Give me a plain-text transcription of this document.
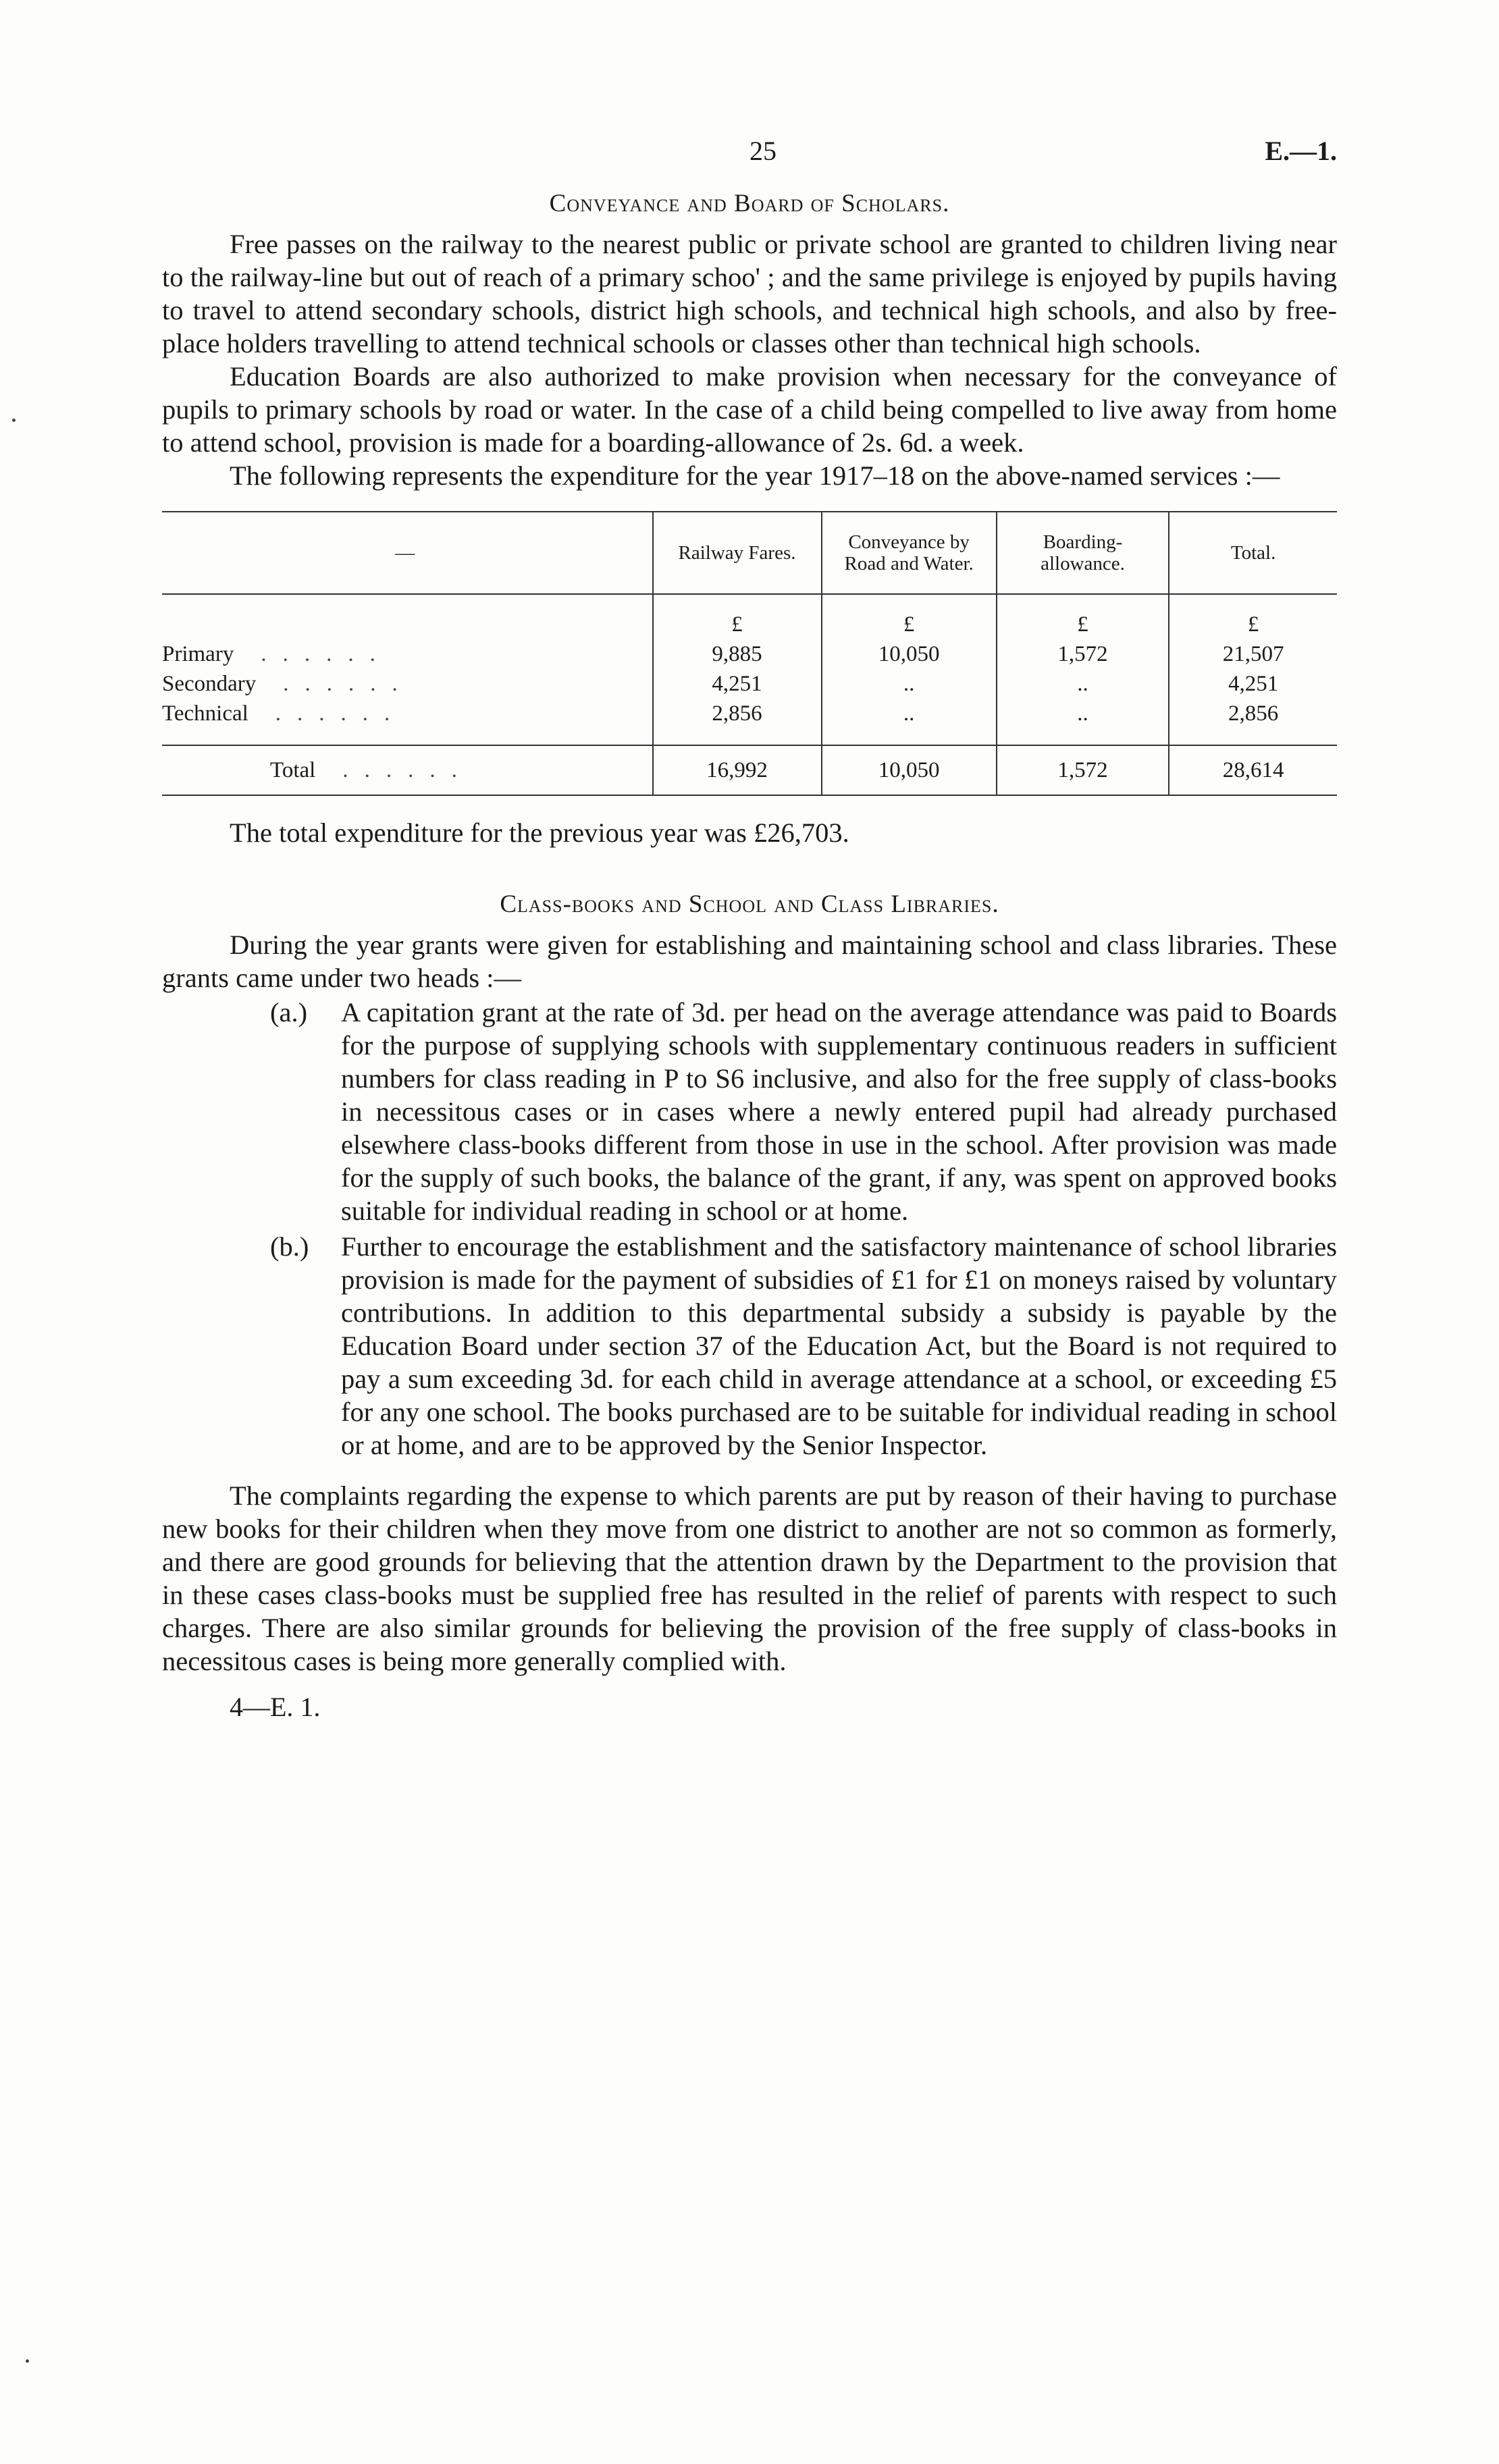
25	E.—1.
Conveyance and Board of Scholars.

Free passes on the railway to the nearest public or private school are granted to children living near to the railway-line but out of reach of a primary schoo' ; and the same privilege is enjoyed by pupils having to travel to attend secondary schools, district high schools, and technical high schools, and also by free-place holders travelling to attend technical schools or classes other than technical high schools.

Education Boards are also authorized to make provision when necessary for the conveyance of pupils to primary schools by road or water. In the case of a child being compelled to live away from home to attend school, provision is made for a boarding-allowance of 2s. 6d. a week.

The following represents the expenditure for the year 1917–18 on the above-named services :—

—	Railway Fares.	Conveyance by Road and Water.	Boarding-allowance.	Total.
	£	£	£	£
Primary ......	9,885	10,050	1,572	21,507
Secondary ......	4,251	..	..	4,251
Technical ......	2,856	..	..	2,856
Total ......	16,992	10,050	1,572	28,614

The total expenditure for the previous year was £26,703.

Class-books and School and Class Libraries.

During the year grants were given for establishing and maintaining school and class libraries. These grants came under two heads :—

(a.)	A capitation grant at the rate of 3d. per head on the average attendance was paid to Boards for the purpose of supplying schools with supplementary continuous readers in sufficient numbers for class reading in P to S6 inclusive, and also for the free supply of class-books in necessitous cases or in cases where a newly entered pupil had already purchased elsewhere class-books different from those in use in the school. After provision was made for the supply of such books, the balance of the grant, if any, was spent on approved books suitable for individual reading in school or at home.
(b.)	Further to encourage the establishment and the satisfactory maintenance of school libraries provision is made for the payment of subsidies of £1 for £1 on moneys raised by voluntary contributions. In addition to this departmental subsidy a subsidy is payable by the Education Board under section 37 of the Education Act, but the Board is not required to pay a sum exceeding 3d. for each child in average attendance at a school, or exceeding £5 for any one school. The books purchased are to be suitable for individual reading in school or at home, and are to be approved by the Senior Inspector.

The complaints regarding the expense to which parents are put by reason of their having to purchase new books for their children when they move from one district to another are not so common as formerly, and there are good grounds for believing that the attention drawn by the Department to the provision that in these cases class-books must be supplied free has resulted in the relief of parents with respect to such charges. There are also similar grounds for believing the provision of the free supply of class-books in necessitous cases is being more generally complied with.

4—E. 1.
